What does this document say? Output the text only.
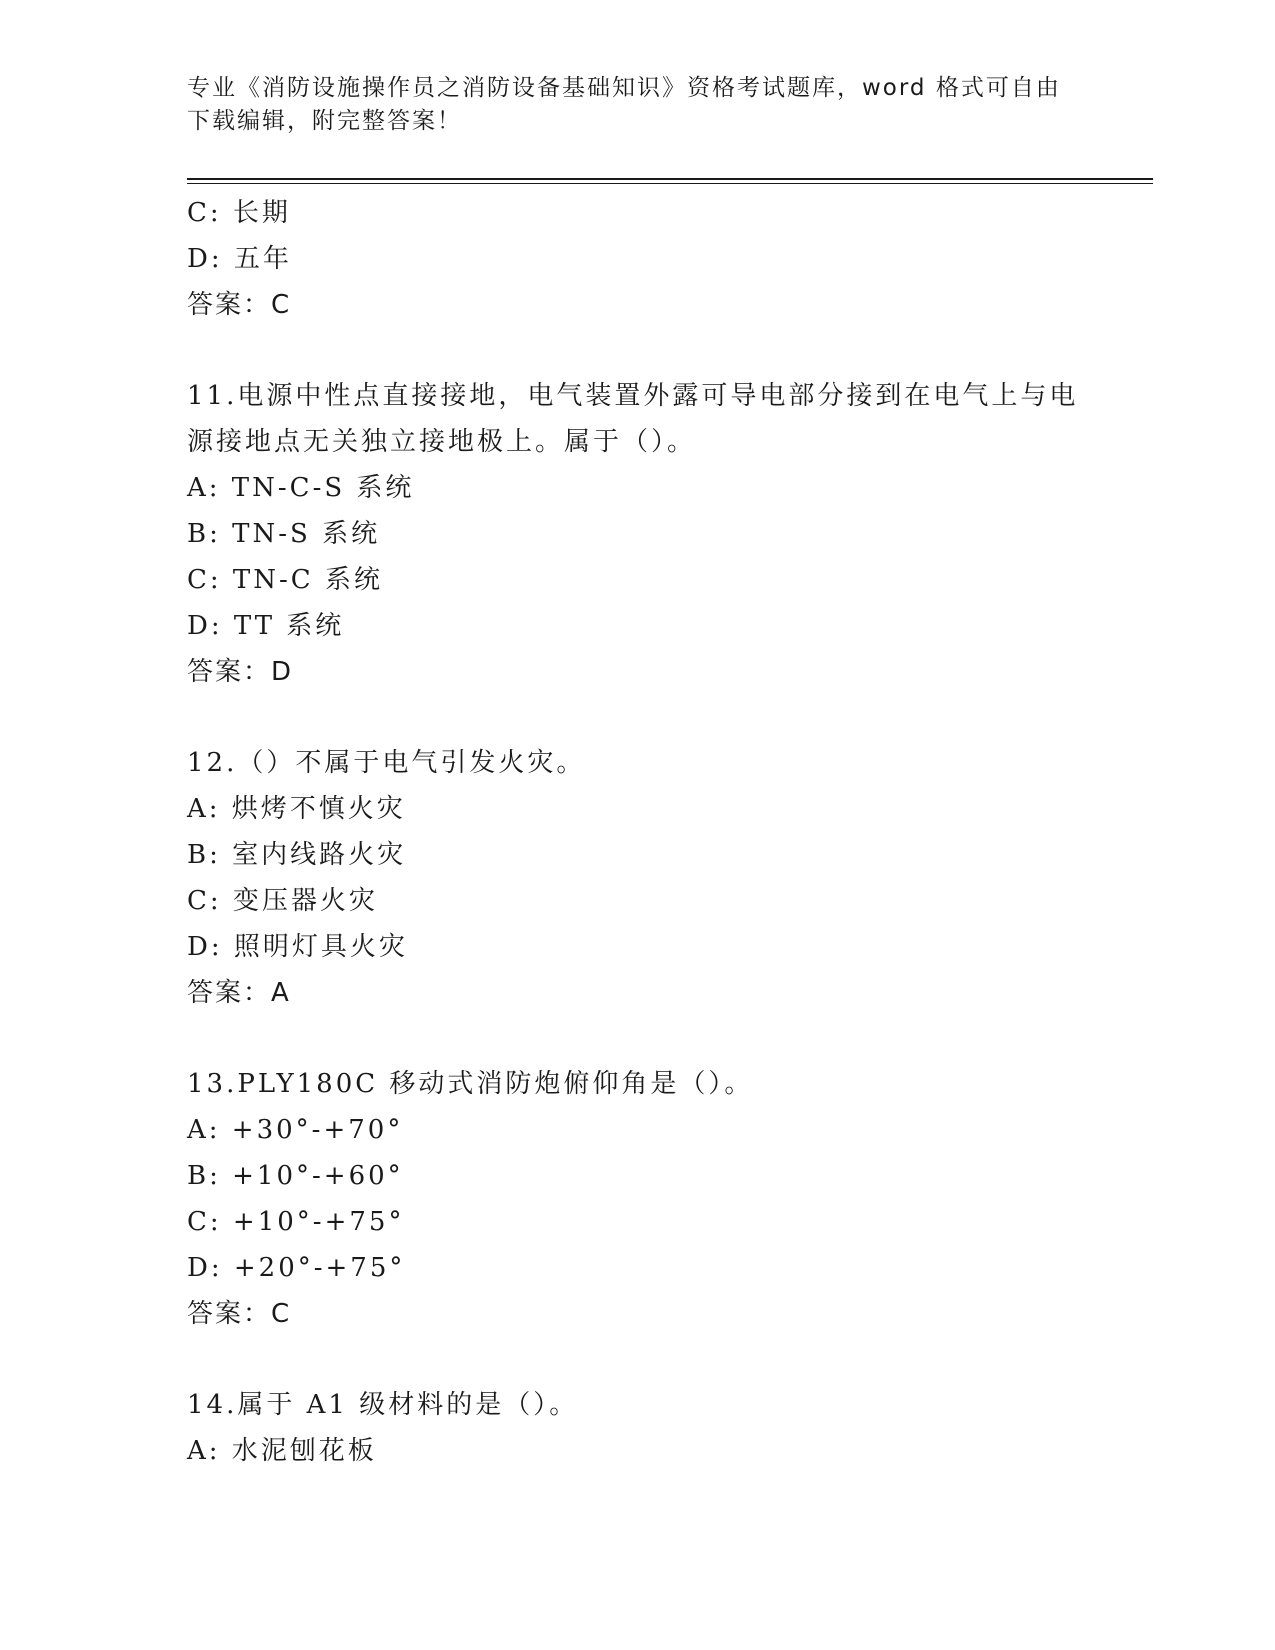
专业《消防设施操作员之消防设备基础知识》资格考试题库，word 格式可自由下载编辑，附完整答案！
C: 长期
D: 五年
答案：C
11.电源中性点直接接地，电气装置外露可导电部分接到在电气上与电源接地点无关独立接地极上。属于（）。
A: TN-C-S 系统
B: TN-S 系统
C: TN-C 系统
D: TT 系统
答案：D
12.（）不属于电气引发火灾。
A: 烘烤不慎火灾
B: 室内线路火灾
C: 变压器火灾
D: 照明灯具火灾
答案：A
13.PLY180C 移动式消防炮俯仰角是（）。
A: +30°-+70°
B: +10°-+60°
C: +10°-+75°
D: +20°-+75°
答案：C
14.属于 A1 级材料的是（）。
A: 水泥刨花板
